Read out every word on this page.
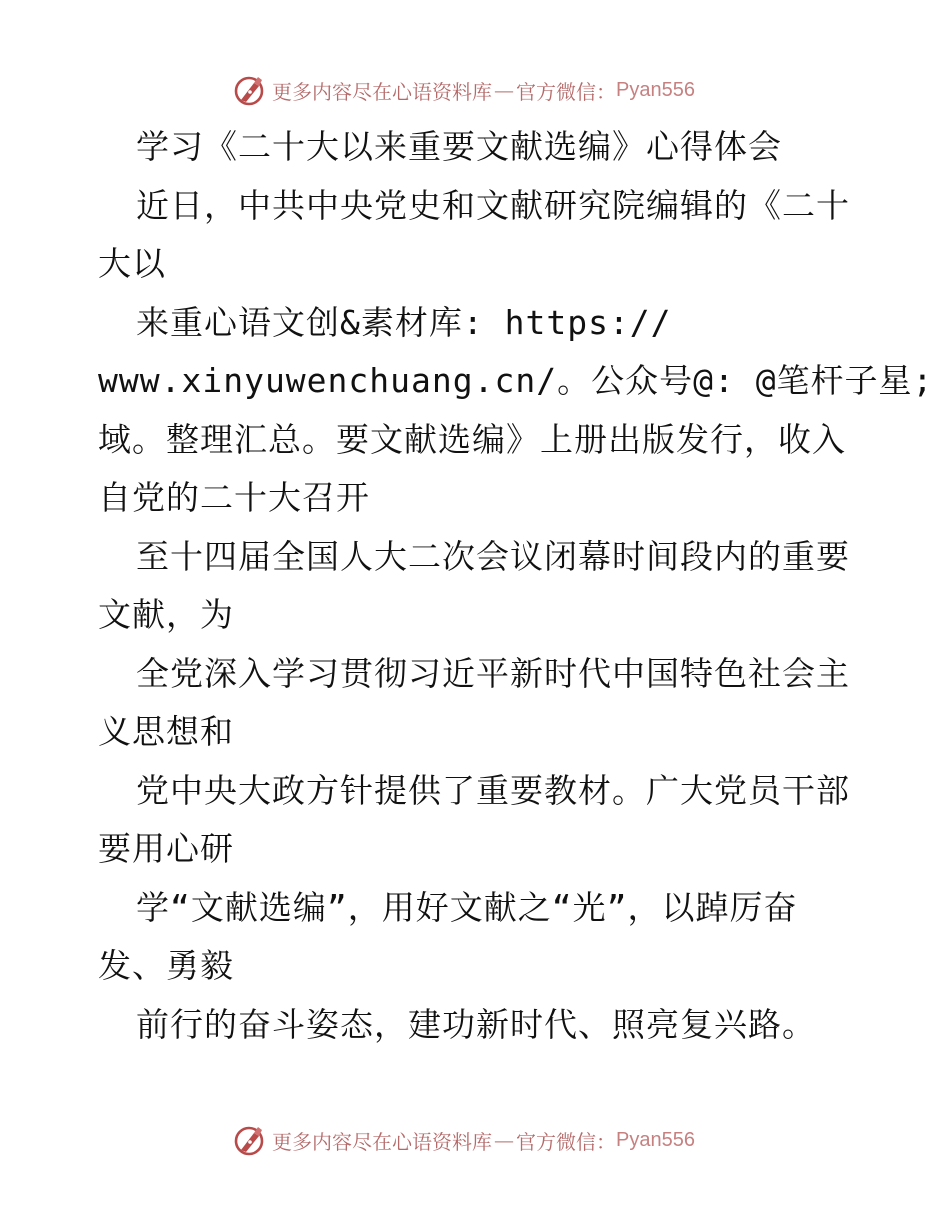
更多内容尽在心语资料库 — 官方微信： Pyan556
学习《二十大以来重要文献选编》心得体会
近日，中共中央党史和文献研究院编辑的《二十
大以
来重心语文创&素材库: https://
www.xinyuwenchuang.cn/。公众号@: @笔杆子星;
域。整理汇总。要文献选编》上册出版发行，收入
自党的二十大召开
至十四届全国人大二次会议闭幕时间段内的重要
文献，为
全党深入学习贯彻习近平新时代中国特色社会主
义思想和
党中央大政方针提供了重要教材。广大党员干部
要用心研
学“文献选编”，用好文献之“光”，以踔厉奋
发、勇毅
前行的奋斗姿态，建功新时代、照亮复兴路。
更多内容尽在心语资料库 — 官方微信： Pyan556
